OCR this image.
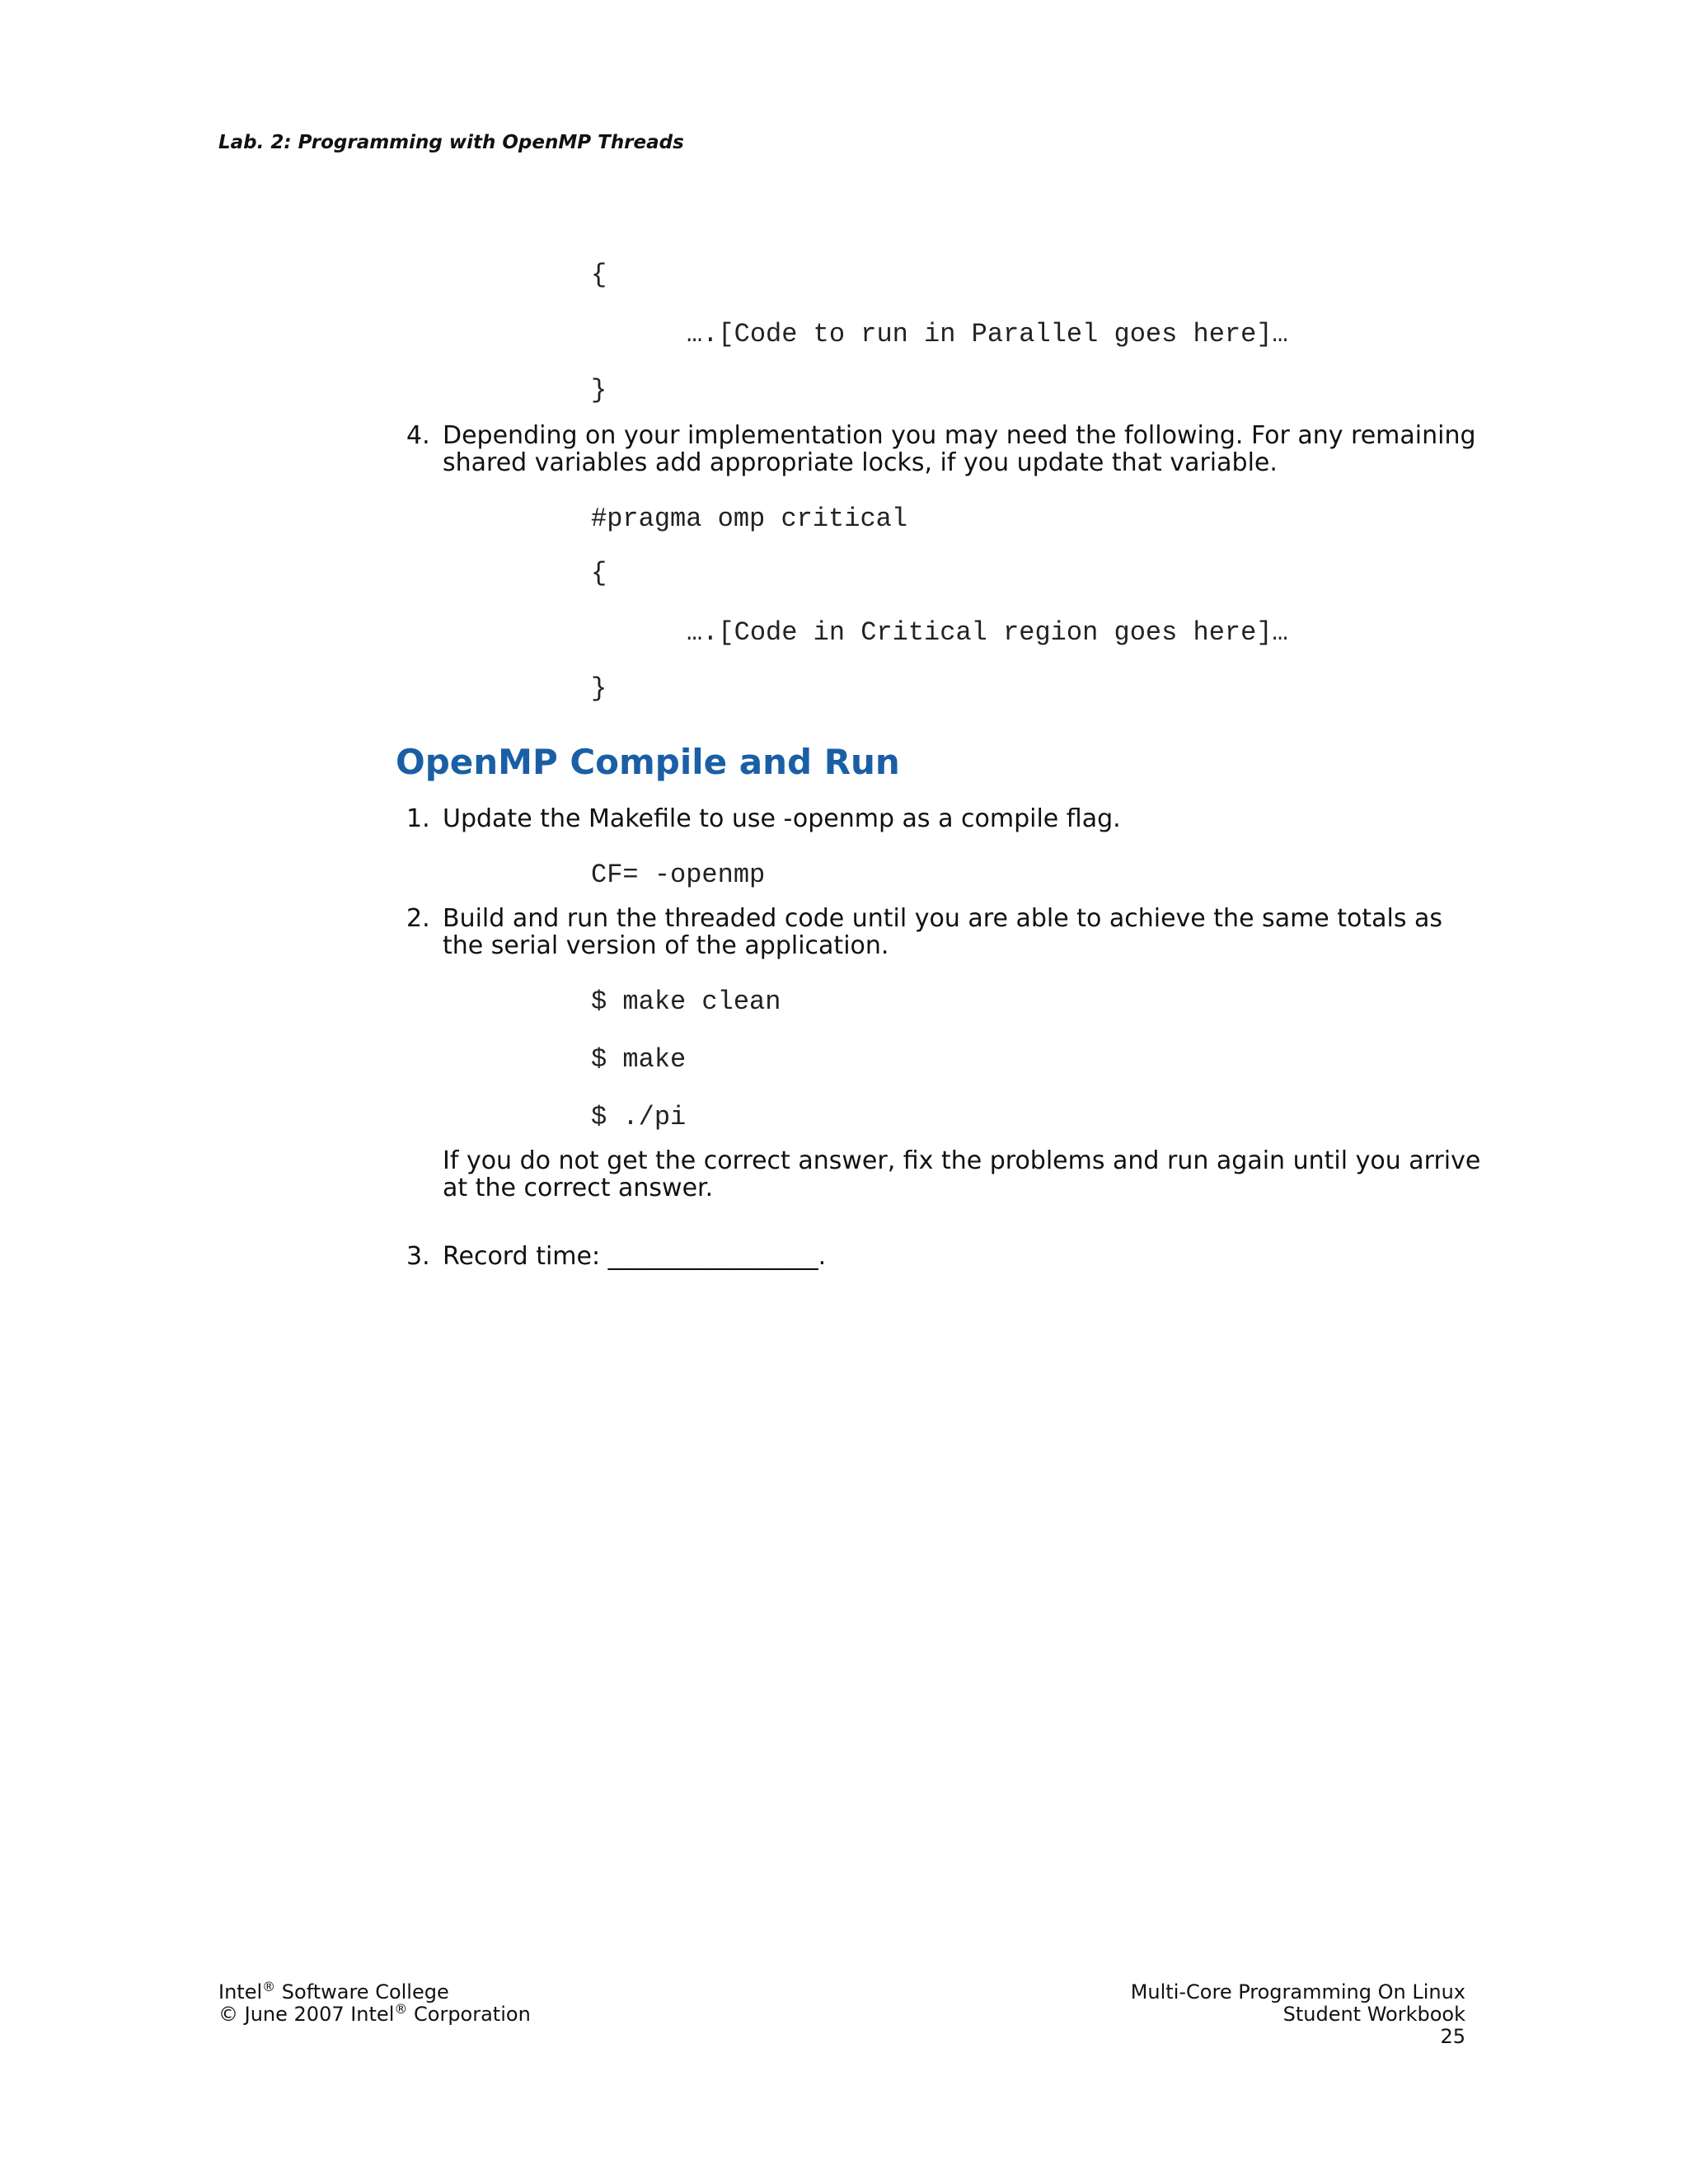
Lab. 2: Programming with OpenMP Threads
{
….[Code to run in Parallel goes here]…
}
4. Depending on your implementation you may need the following. For any remaining
shared variables add appropriate locks, if you update that variable.
#pragma omp critical
{
….[Code in Critical region goes here]…
}
OpenMP Compile and Run
1. Update the Makefile to use -openmp as a compile flag.
CF= -openmp
2. Build and run the threaded code until you are able to achieve the same totals as
the serial version of the application.
$ make clean
$ make
$ ./pi
If you do not get the correct answer, fix the problems and run again until you arrive
at the correct answer.
3. Record time: _________________.
Intel® Software College
© June 2007 Intel® Corporation
Multi-Core Programming On Linux
Student Workbook
25
